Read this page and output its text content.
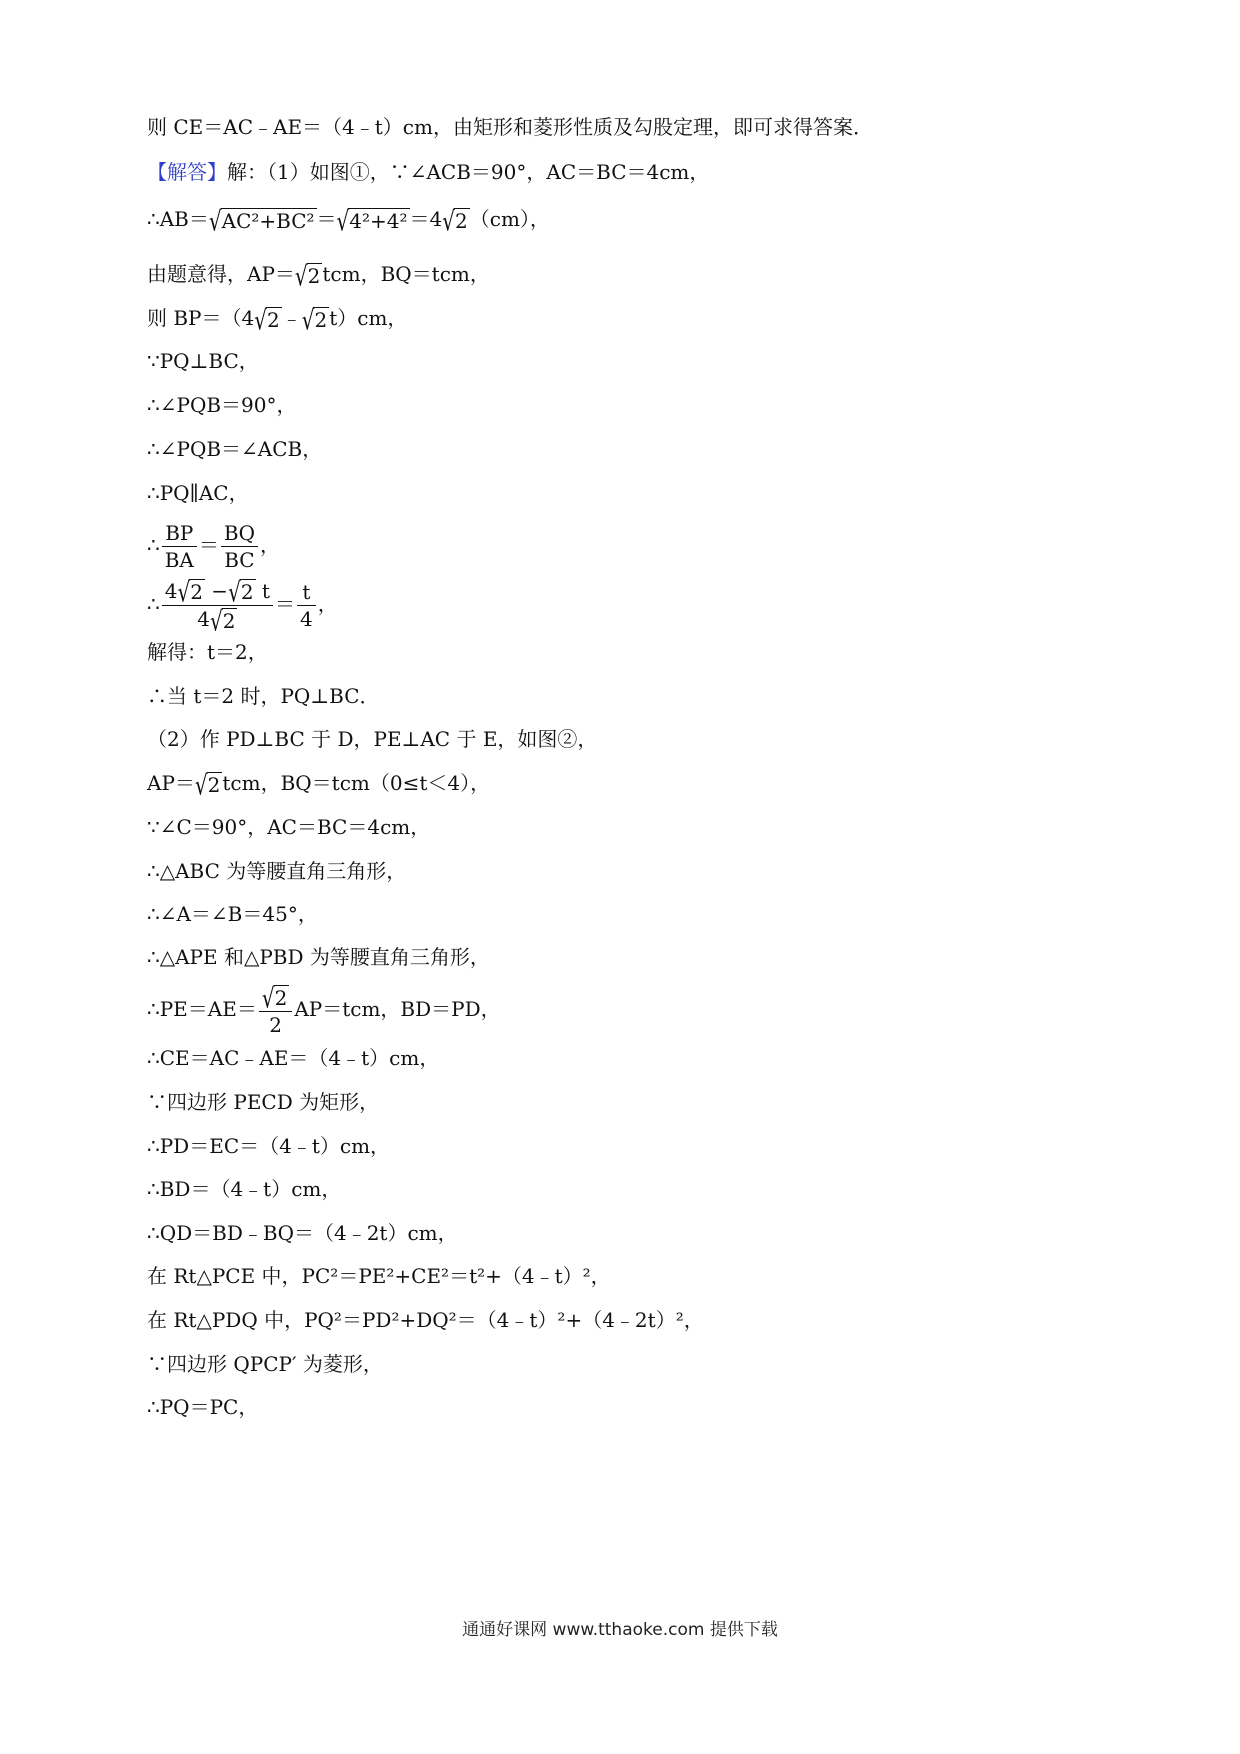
则 CE＝AC﹣AE＝（4﹣t）cm，由矩形和菱形性质及勾股定理，即可求得答案．
【解答】解：（1）如图①，∵∠ACB＝90°，AC＝BC＝4cm，
∴AB＝√AC²+BC² ＝√4²+4² ＝4√2 （cm），
由题意得，AP＝√2 tcm，BQ＝tcm，
则 BP＝（4√2 ﹣√2 t）cm，
∵PQ⊥BC，
∴∠PQB＝90°，
∴∠PQB＝∠ACB，
∴PQ∥AC，
∴ $\frac{BP}{BA} = \frac{BQ}{BC}$ ，
∴ $\frac{4√2 -√2 t}{4√2} = \frac{t}{4}$ ，
解得：t＝2，
∴当 t＝2 时，PQ⊥BC．
（2）作 PD⊥BC 于 D，PE⊥AC 于 E，如图②，
AP＝√2 tcm，BQ＝tcm（0≤t＜4），
∵∠C＝90°，AC＝BC＝4cm，
∴△ABC 为等腰直角三角形，
∴∠A＝∠B＝45°，
∴△APE 和△PBD 为等腰直角三角形，
∴PE＝AE＝ $\frac{√2}{2} AP=tcm$，BD＝PD，
∴CE＝AC﹣AE＝（4﹣t）cm，
∵四边形 PECD 为矩形，
∴PD＝EC＝（4﹣t）cm，
∴BD＝（4﹣t）cm，
∴QD＝BD﹣BQ＝（4﹣2t）cm，
在 Rt△PCE 中，PC²＝PE²+CE²＝t²+（4﹣t）²，
在 Rt△PDQ 中，PQ²＝PD²+DQ²＝（4﹣t）²+（4﹣2t）²，
∵四边形 QPCP′ 为菱形，
∴PQ＝PC，
通通好课网 www.tthaoke.com 提供下载
